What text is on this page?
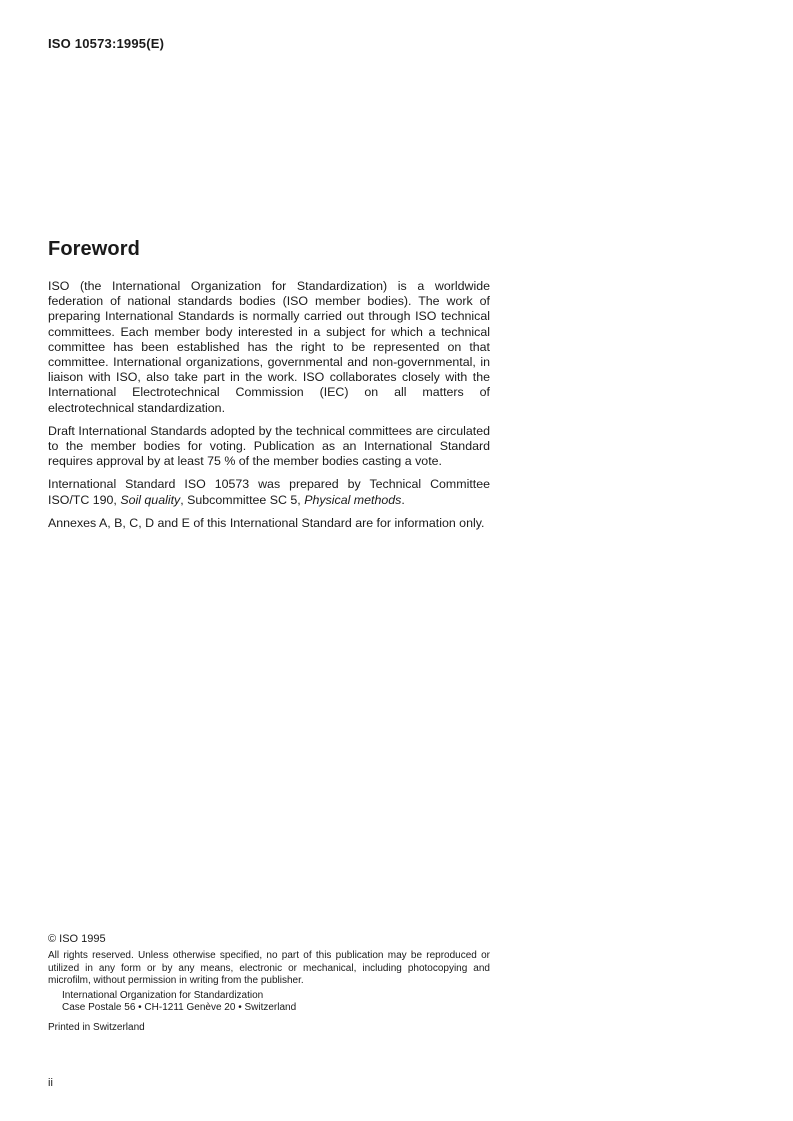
ISO 10573:1995(E)
Foreword

ISO (the International Organization for Standardization) is a worldwide federation of national standards bodies (ISO member bodies). The work of preparing International Standards is normally carried out through ISO technical committees. Each member body interested in a subject for which a technical committee has been established has the right to be represented on that committee. International organizations, governmental and non-governmental, in liaison with ISO, also take part in the work. ISO collaborates closely with the International Electrotechnical Commission (IEC) on all matters of electrotechnical standardization.

Draft International Standards adopted by the technical committees are circulated to the member bodies for voting. Publication as an International Standard requires approval by at least 75 % of the member bodies casting a vote.

International Standard ISO 10573 was prepared by Technical Committee ISO/TC 190, Soil quality, Subcommittee SC 5, Physical methods.

Annexes A, B, C, D and E of this International Standard are for information only.

© ISO 1995

All rights reserved. Unless otherwise specified, no part of this publication may be reproduced or utilized in any form or by any means, electronic or mechanical, including photocopying and microfilm, without permission in writing from the publisher.

International Organization for Standardization
Case Postale 56 • CH-1211 Genève 20 • Switzerland

Printed in Switzerland

ii
